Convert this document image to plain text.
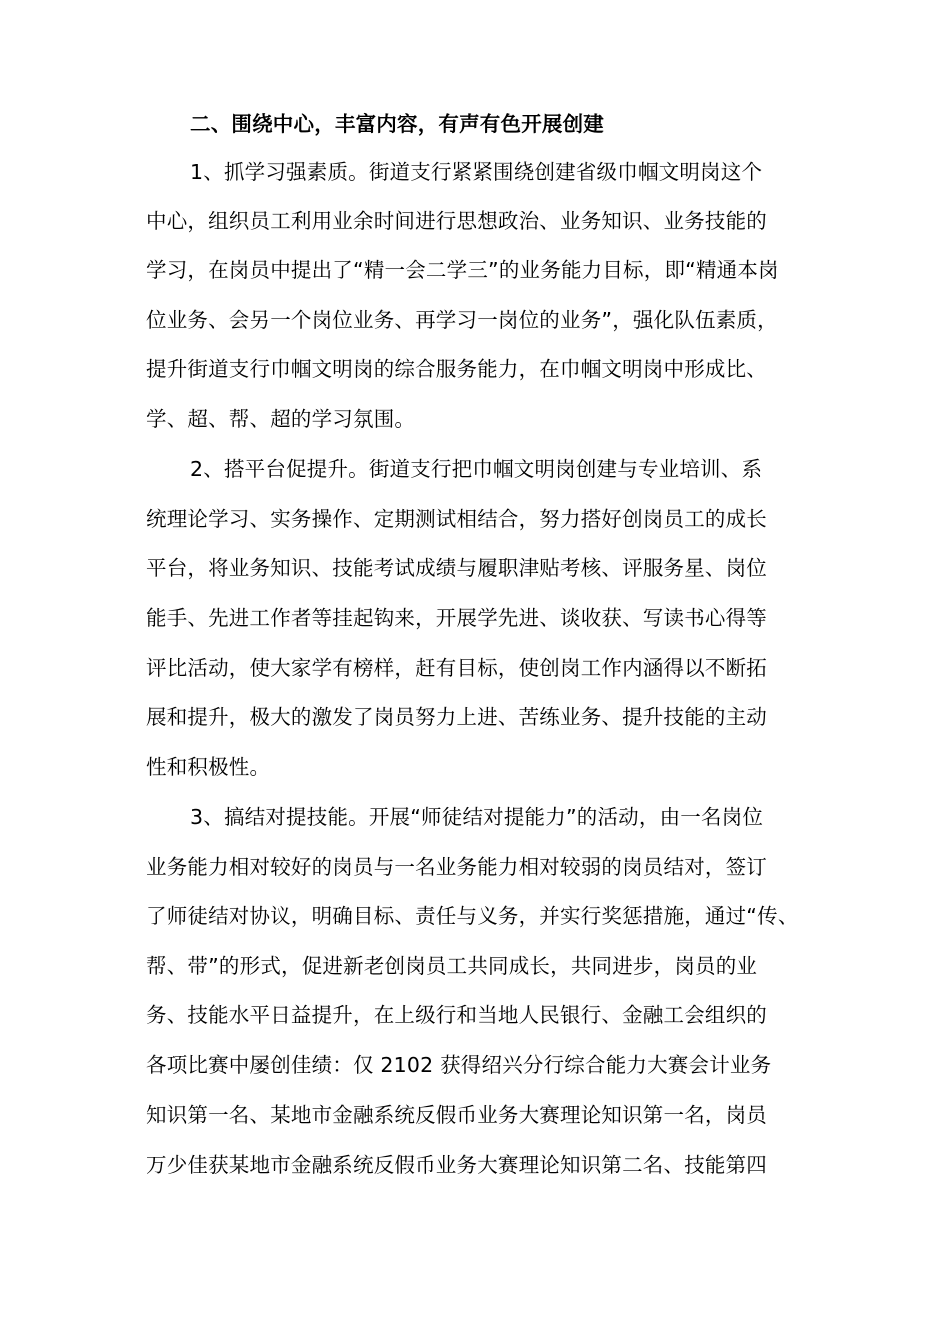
二、围绕中心，丰富内容，有声有色开展创建
1、抓学习强素质。街道支行紧紧围绕创建省级巾帼文明岗这个
中心，组织员工利用业余时间进行思想政治、业务知识、业务技能的
学习，在岗员中提出了“精一会二学三”的业务能力目标，即“精通本岗
位业务、会另一个岗位业务、再学习一岗位的业务”，强化队伍素质，
提升街道支行巾帼文明岗的综合服务能力，在巾帼文明岗中形成比、
学、超、帮、超的学习氛围。
2、搭平台促提升。街道支行把巾帼文明岗创建与专业培训、系
统理论学习、实务操作、定期测试相结合，努力搭好创岗员工的成长
平台，将业务知识、技能考试成绩与履职津贴考核、评服务星、岗位
能手、先进工作者等挂起钩来，开展学先进、谈收获、写读书心得等
评比活动，使大家学有榜样，赶有目标，使创岗工作内涵得以不断拓
展和提升，极大的激发了岗员努力上进、苦练业务、提升技能的主动
性和积极性。
3、搞结对提技能。开展“师徒结对提能力”的活动，由一名岗位
业务能力相对较好的岗员与一名业务能力相对较弱的岗员结对，签订
了师徒结对协议，明确目标、责任与义务，并实行奖惩措施，通过“传、
帮、带”的形式，促进新老创岗员工共同成长，共同进步，岗员的业
务、技能水平日益提升，在上级行和当地人民银行、金融工会组织的
各项比赛中屡创佳绩：仅 2102 获得绍兴分行综合能力大赛会计业务
知识第一名、某地市金融系统反假币业务大赛理论知识第一名，岗员
万少佳获某地市金融系统反假币业务大赛理论知识第二名、技能第四
